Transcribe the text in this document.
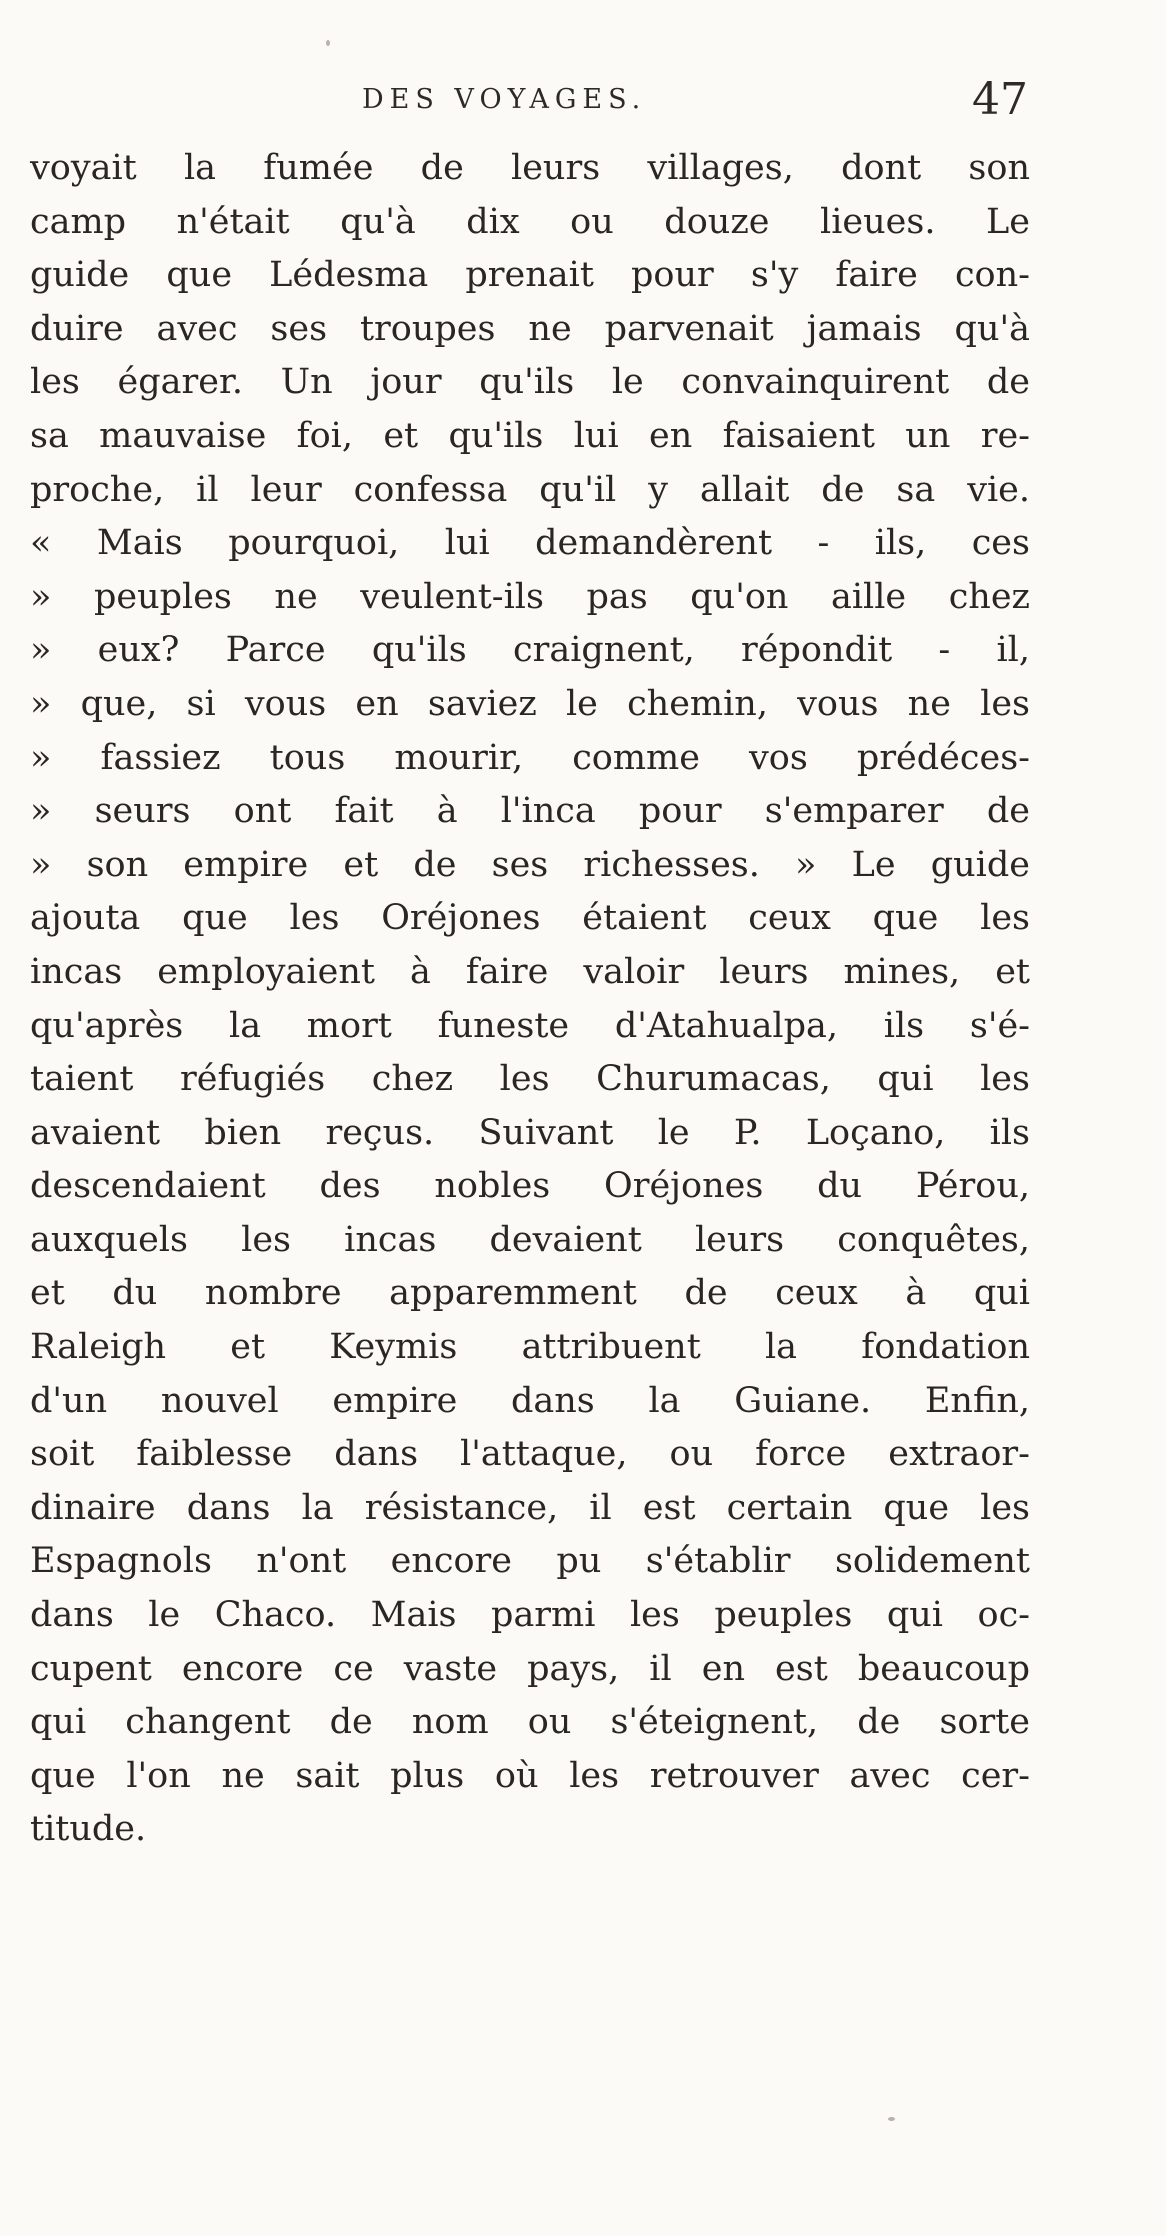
DES VOYAGES.	47
voyait la fumée de leurs villages, dont son
camp n'était qu'à dix ou douze lieues. Le
guide que Lédesma prenait pour s'y faire con-
duire avec ses troupes ne parvenait jamais qu'à
les égarer. Un jour qu'ils le convainquirent de
sa mauvaise foi, et qu'ils lui en faisaient un re-
proche, il leur confessa qu'il y allait de sa vie.
« Mais pourquoi, lui demandèrent - ils, ces
» peuples ne veulent-ils pas qu'on aille chez
» eux? Parce qu'ils craignent, répondit - il,
» que, si vous en saviez le chemin, vous ne les
» fassiez tous mourir, comme vos prédéces-
» seurs ont fait à l'inca pour s'emparer de
» son empire et de ses richesses. » Le guide
ajouta que les Oréjones étaient ceux que les
incas employaient à faire valoir leurs mines, et
qu'après la mort funeste d'Atahualpa, ils s'é-
taient réfugiés chez les Churumacas, qui les
avaient bien reçus. Suivant le P. Loçano, ils
descendaient des nobles Oréjones du Pérou,
auxquels les incas devaient leurs conquêtes,
et du nombre apparemment de ceux à qui
Raleigh et Keymis attribuent la fondation
d'un nouvel empire dans la Guiane. Enfin,
soit faiblesse dans l'attaque, ou force extraor-
dinaire dans la résistance, il est certain que les
Espagnols n'ont encore pu s'établir solidement
dans le Chaco. Mais parmi les peuples qui oc-
cupent encore ce vaste pays, il en est beaucoup
qui changent de nom ou s'éteignent, de sorte
que l'on ne sait plus où les retrouver avec cer-
titude.
